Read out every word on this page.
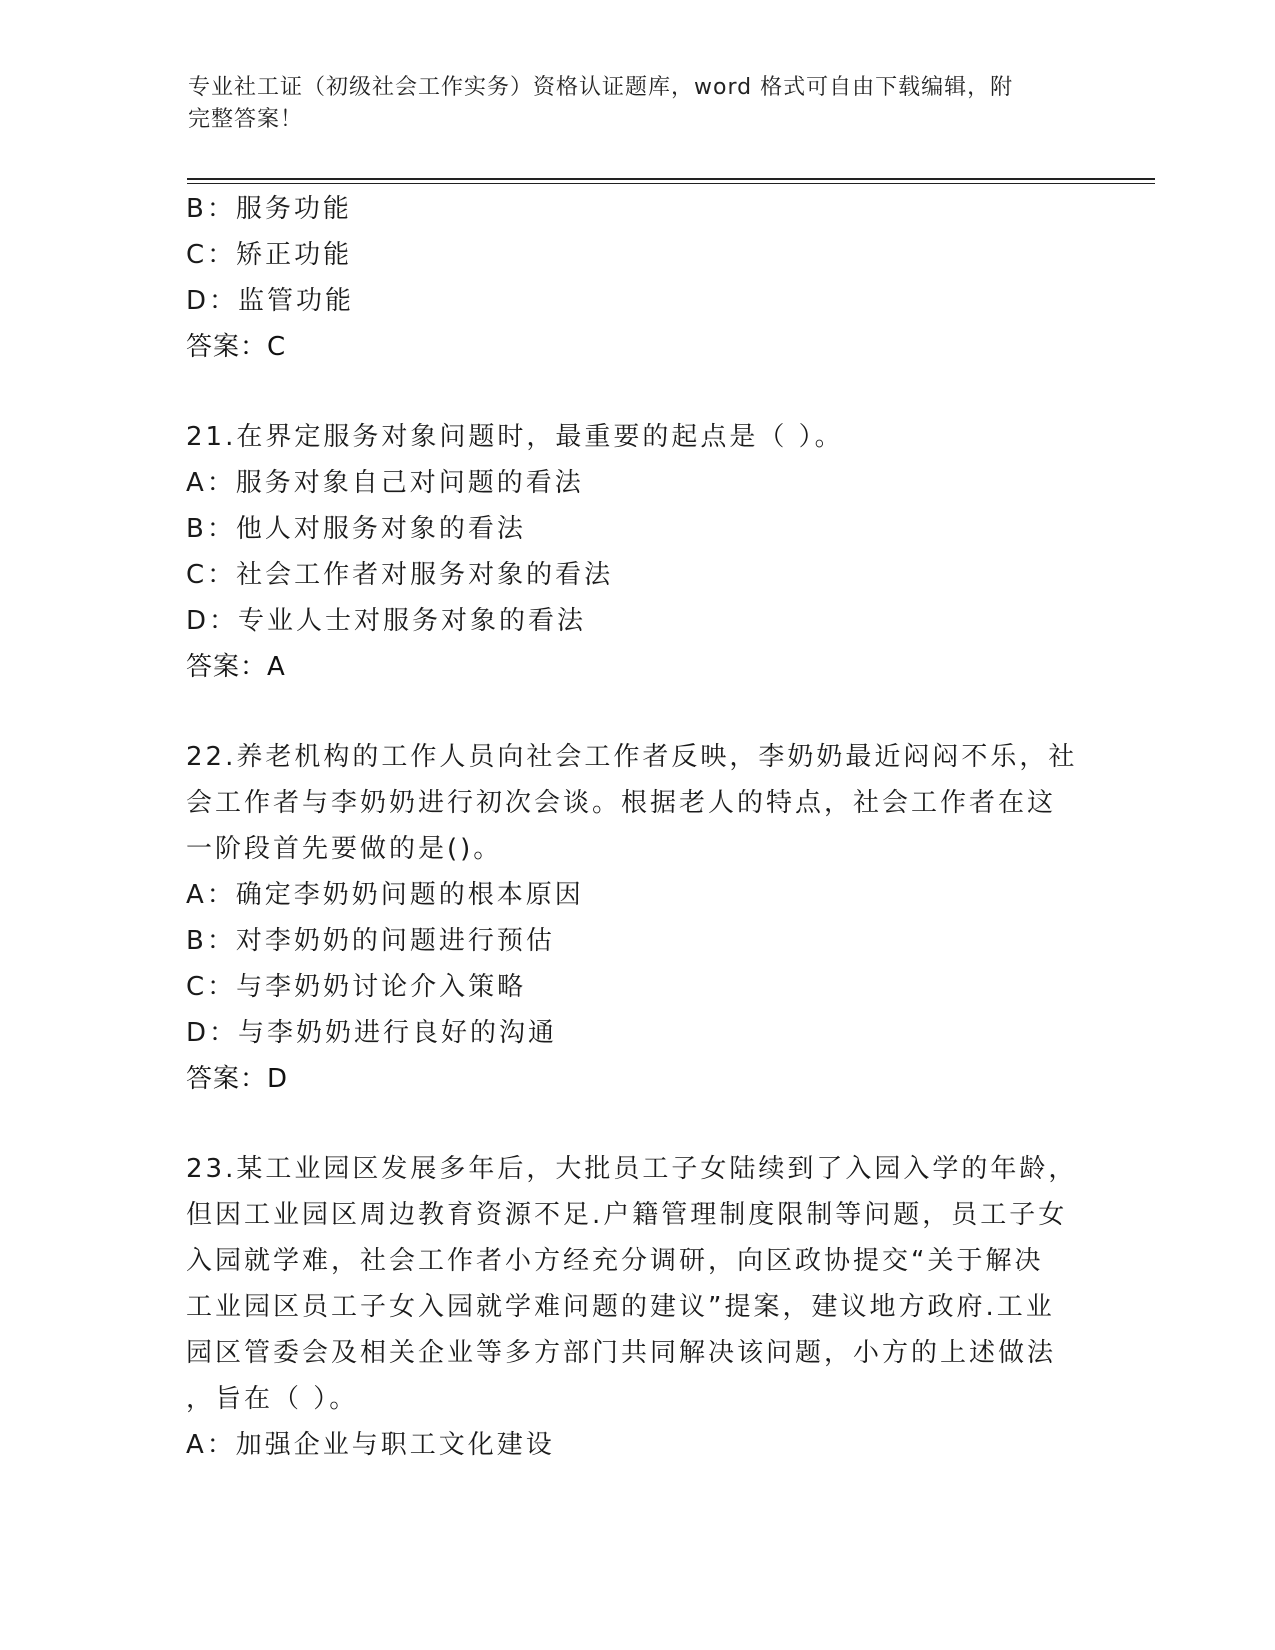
专业社工证（初级社会工作实务）资格认证题库，word 格式可自由下载编辑，附
完整答案！
B：服务功能
C：矫正功能
D：监管功能
答案：C
21.在界定服务对象问题时，最重要的起点是（ ）。
A：服务对象自己对问题的看法
B：他人对服务对象的看法
C：社会工作者对服务对象的看法
D：专业人士对服务对象的看法
答案：A
22.养老机构的工作人员向社会工作者反映，李奶奶最近闷闷不乐，社
会工作者与李奶奶进行初次会谈。根据老人的特点，社会工作者在这
一阶段首先要做的是()。
A：确定李奶奶问题的根本原因
B：对李奶奶的问题进行预估
C：与李奶奶讨论介入策略
D：与李奶奶进行良好的沟通
答案：D
23.某工业园区发展多年后，大批员工子女陆续到了入园入学的年龄，
但因工业园区周边教育资源不足.户籍管理制度限制等问题，员工子女
入园就学难，社会工作者小方经充分调研，向区政协提交“关于解决
工业园区员工子女入园就学难问题的建议”提案，建议地方政府.工业
园区管委会及相关企业等多方部门共同解决该问题，小方的上述做法
，旨在（ ）。
A：加强企业与职工文化建设
